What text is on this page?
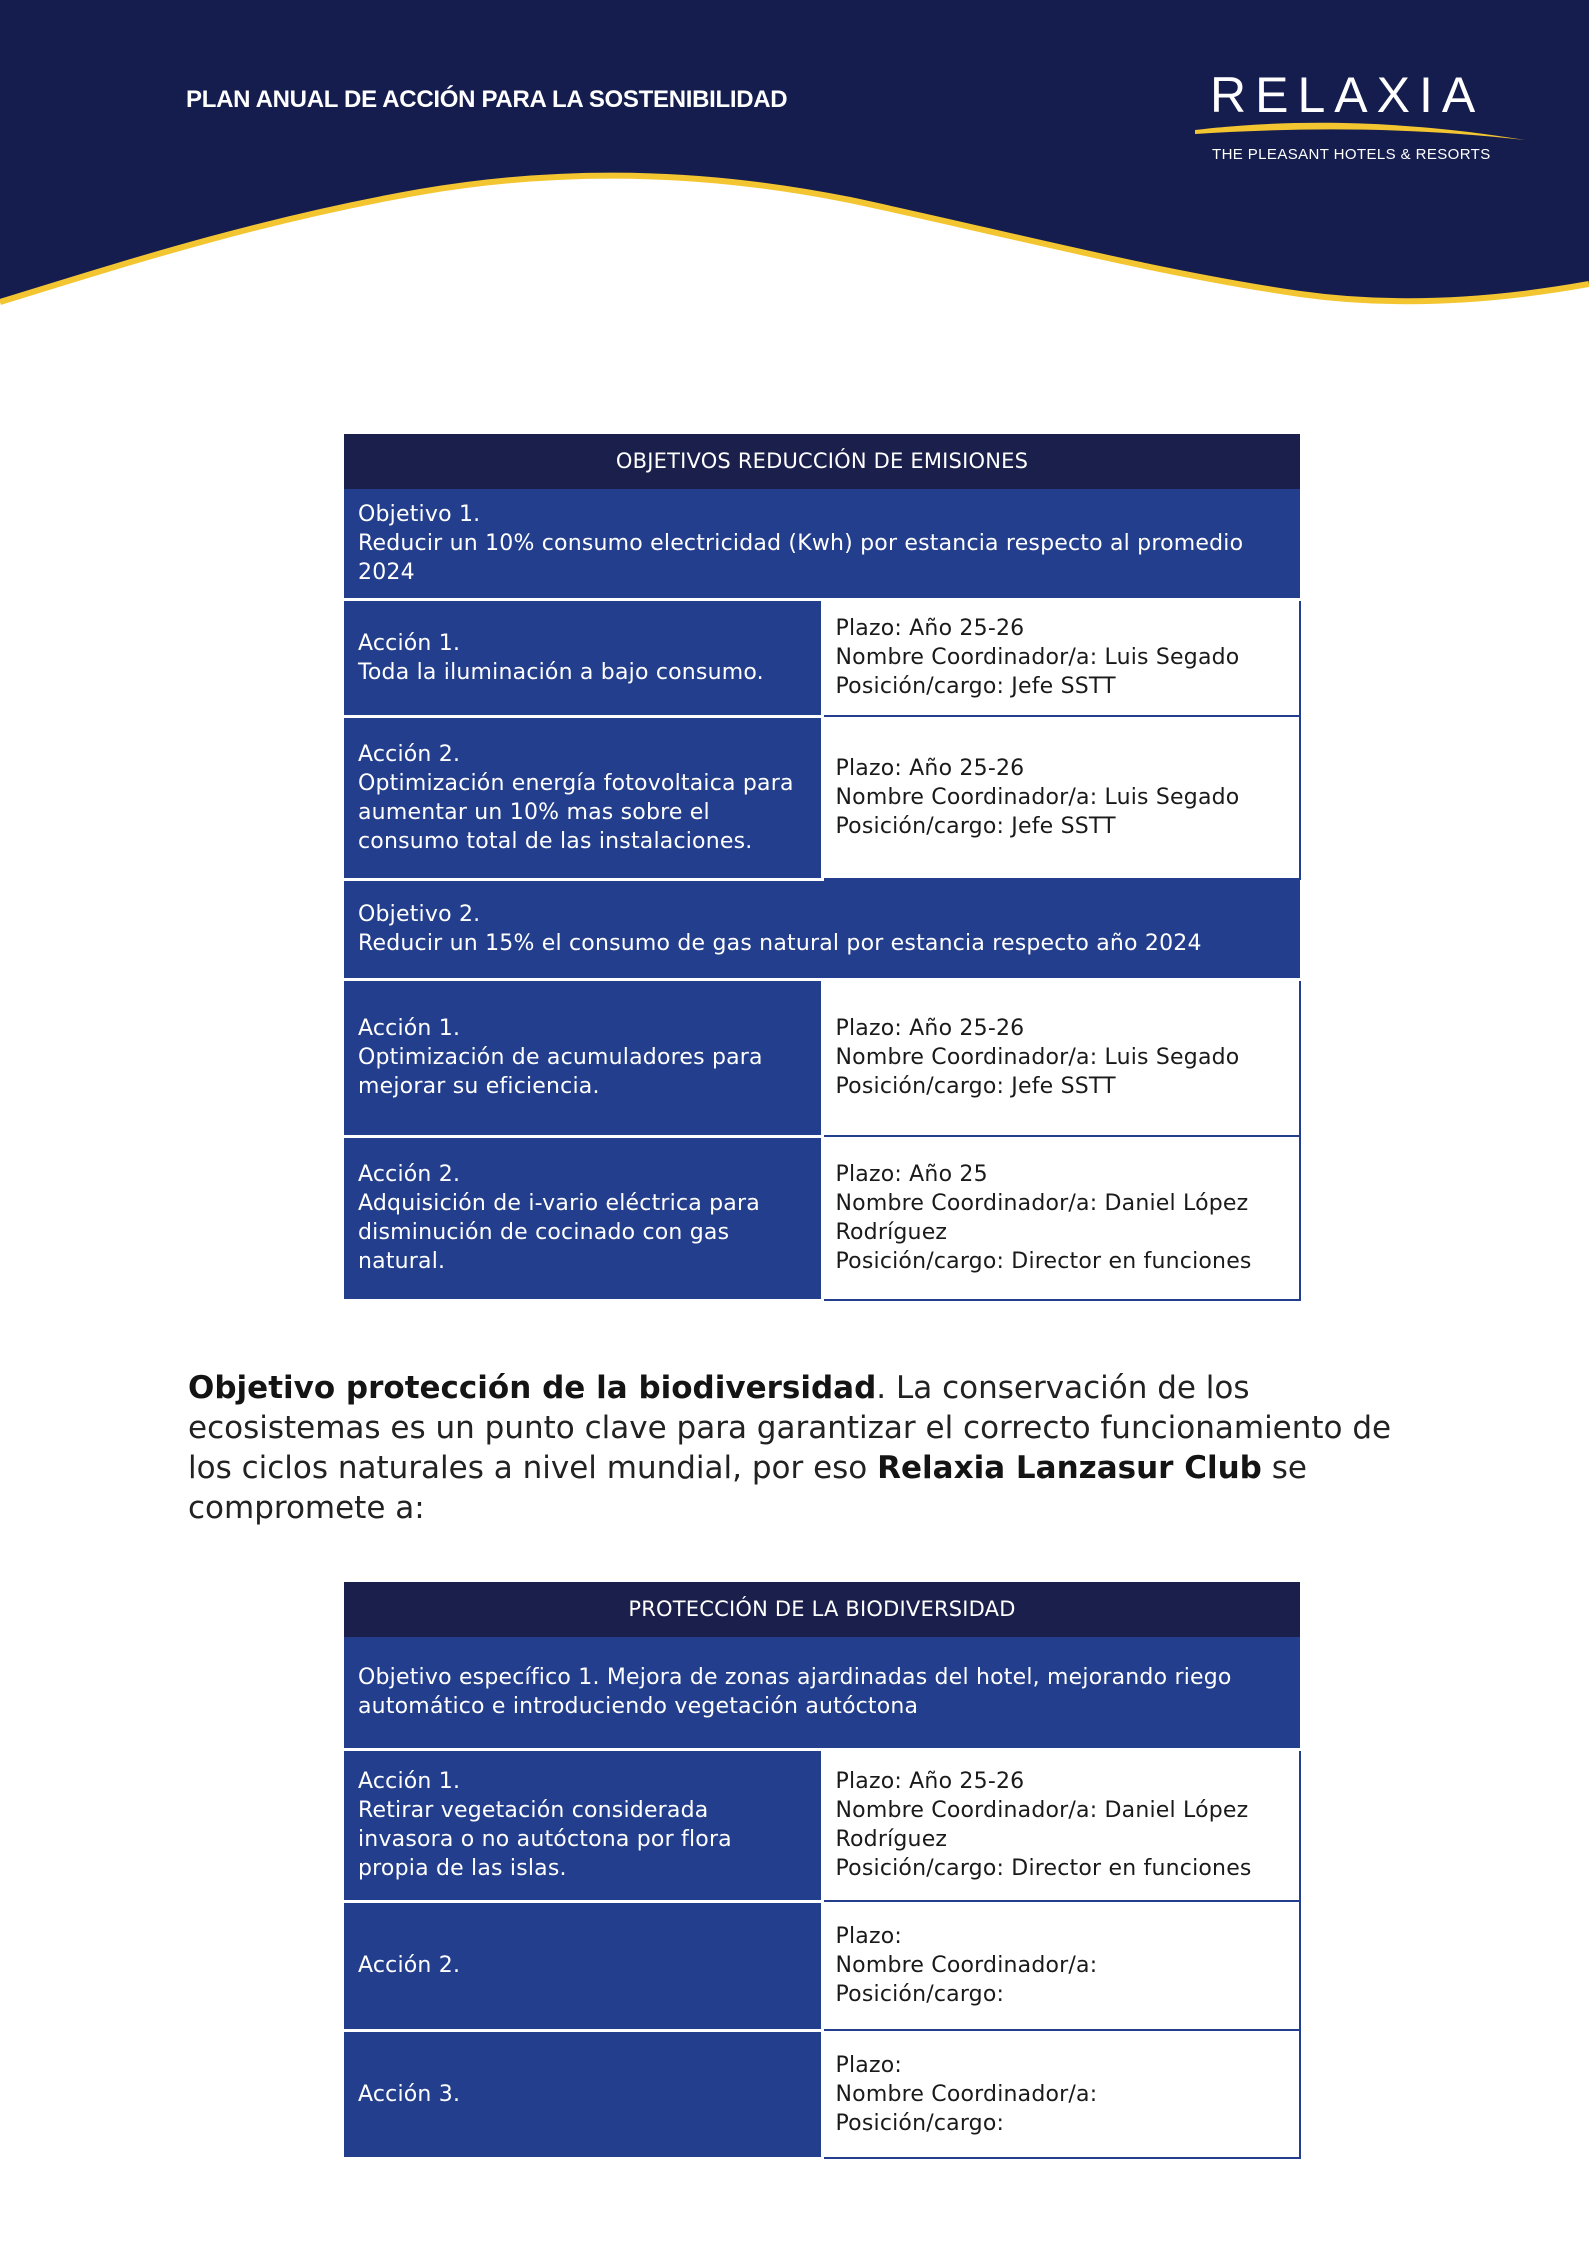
PLAN ANUAL DE ACCIÓN PARA LA SOSTENIBILIDAD	RELAXIA
THE PLEASANT HOTELS & RESORTS
OBJETIVOS REDUCCIÓN DE EMISIONES	

Objetivo 1.
Reducir un 10% consumo electricidad (Kwh) por estancia respecto al promedio 2024	

Acción 1.
Toda la iluminación a bajo consumo.	Plazo: Año 25-26
Nombre Coordinador/a: Luis Segado
Posición/cargo: Jefe SSTT

Acción 2.
Optimización energía fotovoltaica para aumentar un 10% mas sobre el consumo total de las instalaciones.	Plazo: Año 25-26
Nombre Coordinador/a: Luis Segado
Posición/cargo: Jefe SSTT

Objetivo 2.
Reducir un 15% el consumo de gas natural por estancia respecto año 2024	

Acción 1.
Optimización de acumuladores para mejorar su eficiencia.	Plazo: Año 25-26
Nombre Coordinador/a: Luis Segado
Posición/cargo: Jefe SSTT

Acción 2.
Adquisición de i-vario eléctrica para disminución de cocinado con gas natural.	Plazo: Año 25
Nombre Coordinador/a: Daniel López Rodríguez
Posición/cargo: Director en funciones
Objetivo protección de la biodiversidad. La conservación de los ecosistemas es un punto clave para garantizar el correcto funcionamiento de los ciclos naturales a nivel mundial, por eso Relaxia Lanzasur Club se compromete a:
PROTECCIÓN DE LA BIODIVERSIDAD	

Objetivo específico 1. Mejora de zonas ajardinadas del hotel, mejorando riego automático e introduciendo vegetación autóctona	

Acción 1.
Retirar vegetación considerada invasora o no autóctona por flora propia de las islas.	Plazo: Año 25-26
Nombre Coordinador/a: Daniel López Rodríguez
Posición/cargo: Director en funciones

Acción 2.	Plazo:
Nombre Coordinador/a:
Posición/cargo:

Acción 3.	Plazo:
Nombre Coordinador/a:
Posición/cargo:
